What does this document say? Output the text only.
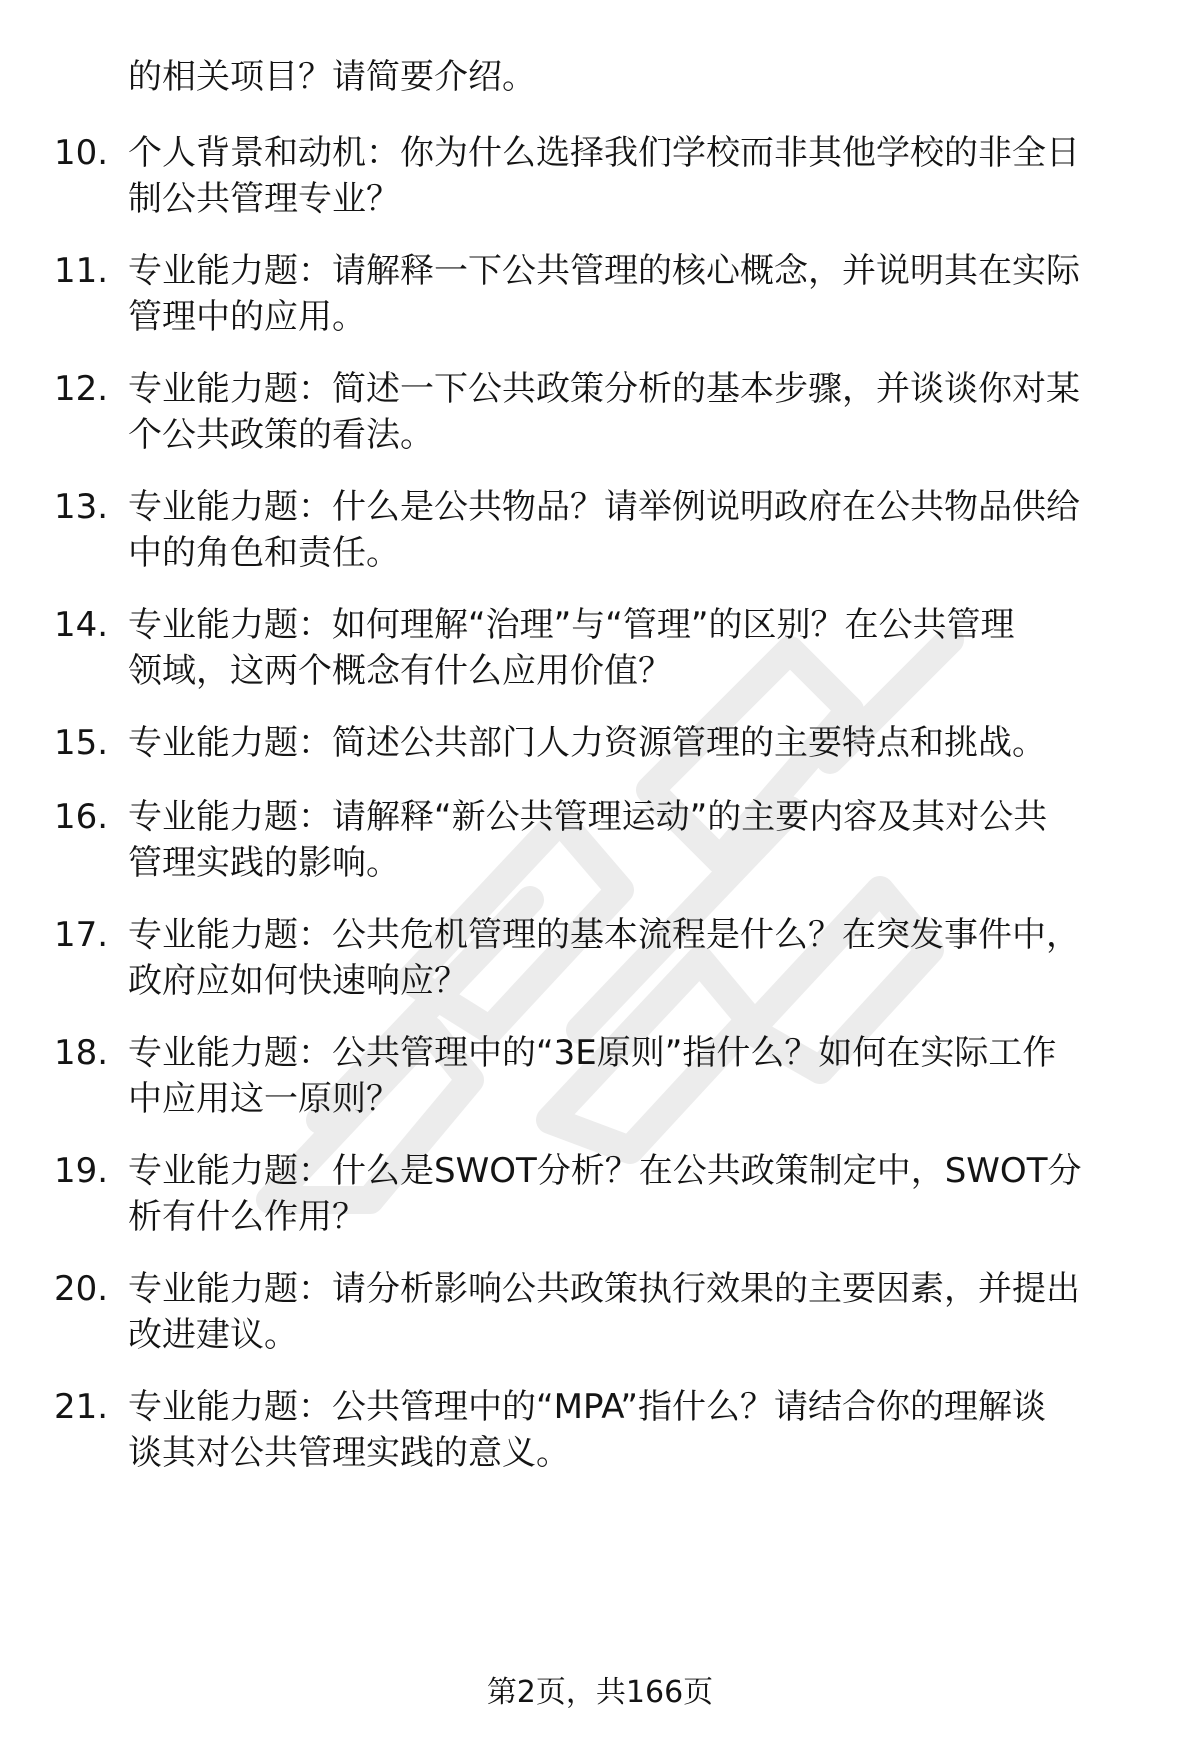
的相关项目？请简要介绍。
10. 个人背景和动机：你为什么选择我们学校而非其他学校的非全日
制公共管理专业？
11. 专业能力题：请解释一下公共管理的核心概念，并说明其在实际
管理中的应用。
12. 专业能力题：简述一下公共政策分析的基本步骤，并谈谈你对某
个公共政策的看法。
13. 专业能力题：什么是公共物品？请举例说明政府在公共物品供给
中的角色和责任。
14. 专业能力题：如何理解“治理”与“管理”的区别？在公共管理
领域，这两个概念有什么应用价值？
15. 专业能力题：简述公共部门人力资源管理的主要特点和挑战。
16. 专业能力题：请解释“新公共管理运动”的主要内容及其对公共
管理实践的影响。
17. 专业能力题：公共危机管理的基本流程是什么？在突发事件中，
政府应如何快速响应？
18. 专业能力题：公共管理中的“3E原则”指什么？如何在实际工作
中应用这一原则？
19. 专业能力题：什么是SWOT分析？在公共政策制定中，SWOT分
析有什么作用？
20. 专业能力题：请分析影响公共政策执行效果的主要因素，并提出
改进建议。
21. 专业能力题：公共管理中的“MPA”指什么？请结合你的理解谈
谈其对公共管理实践的意义。
第2页，共166页
